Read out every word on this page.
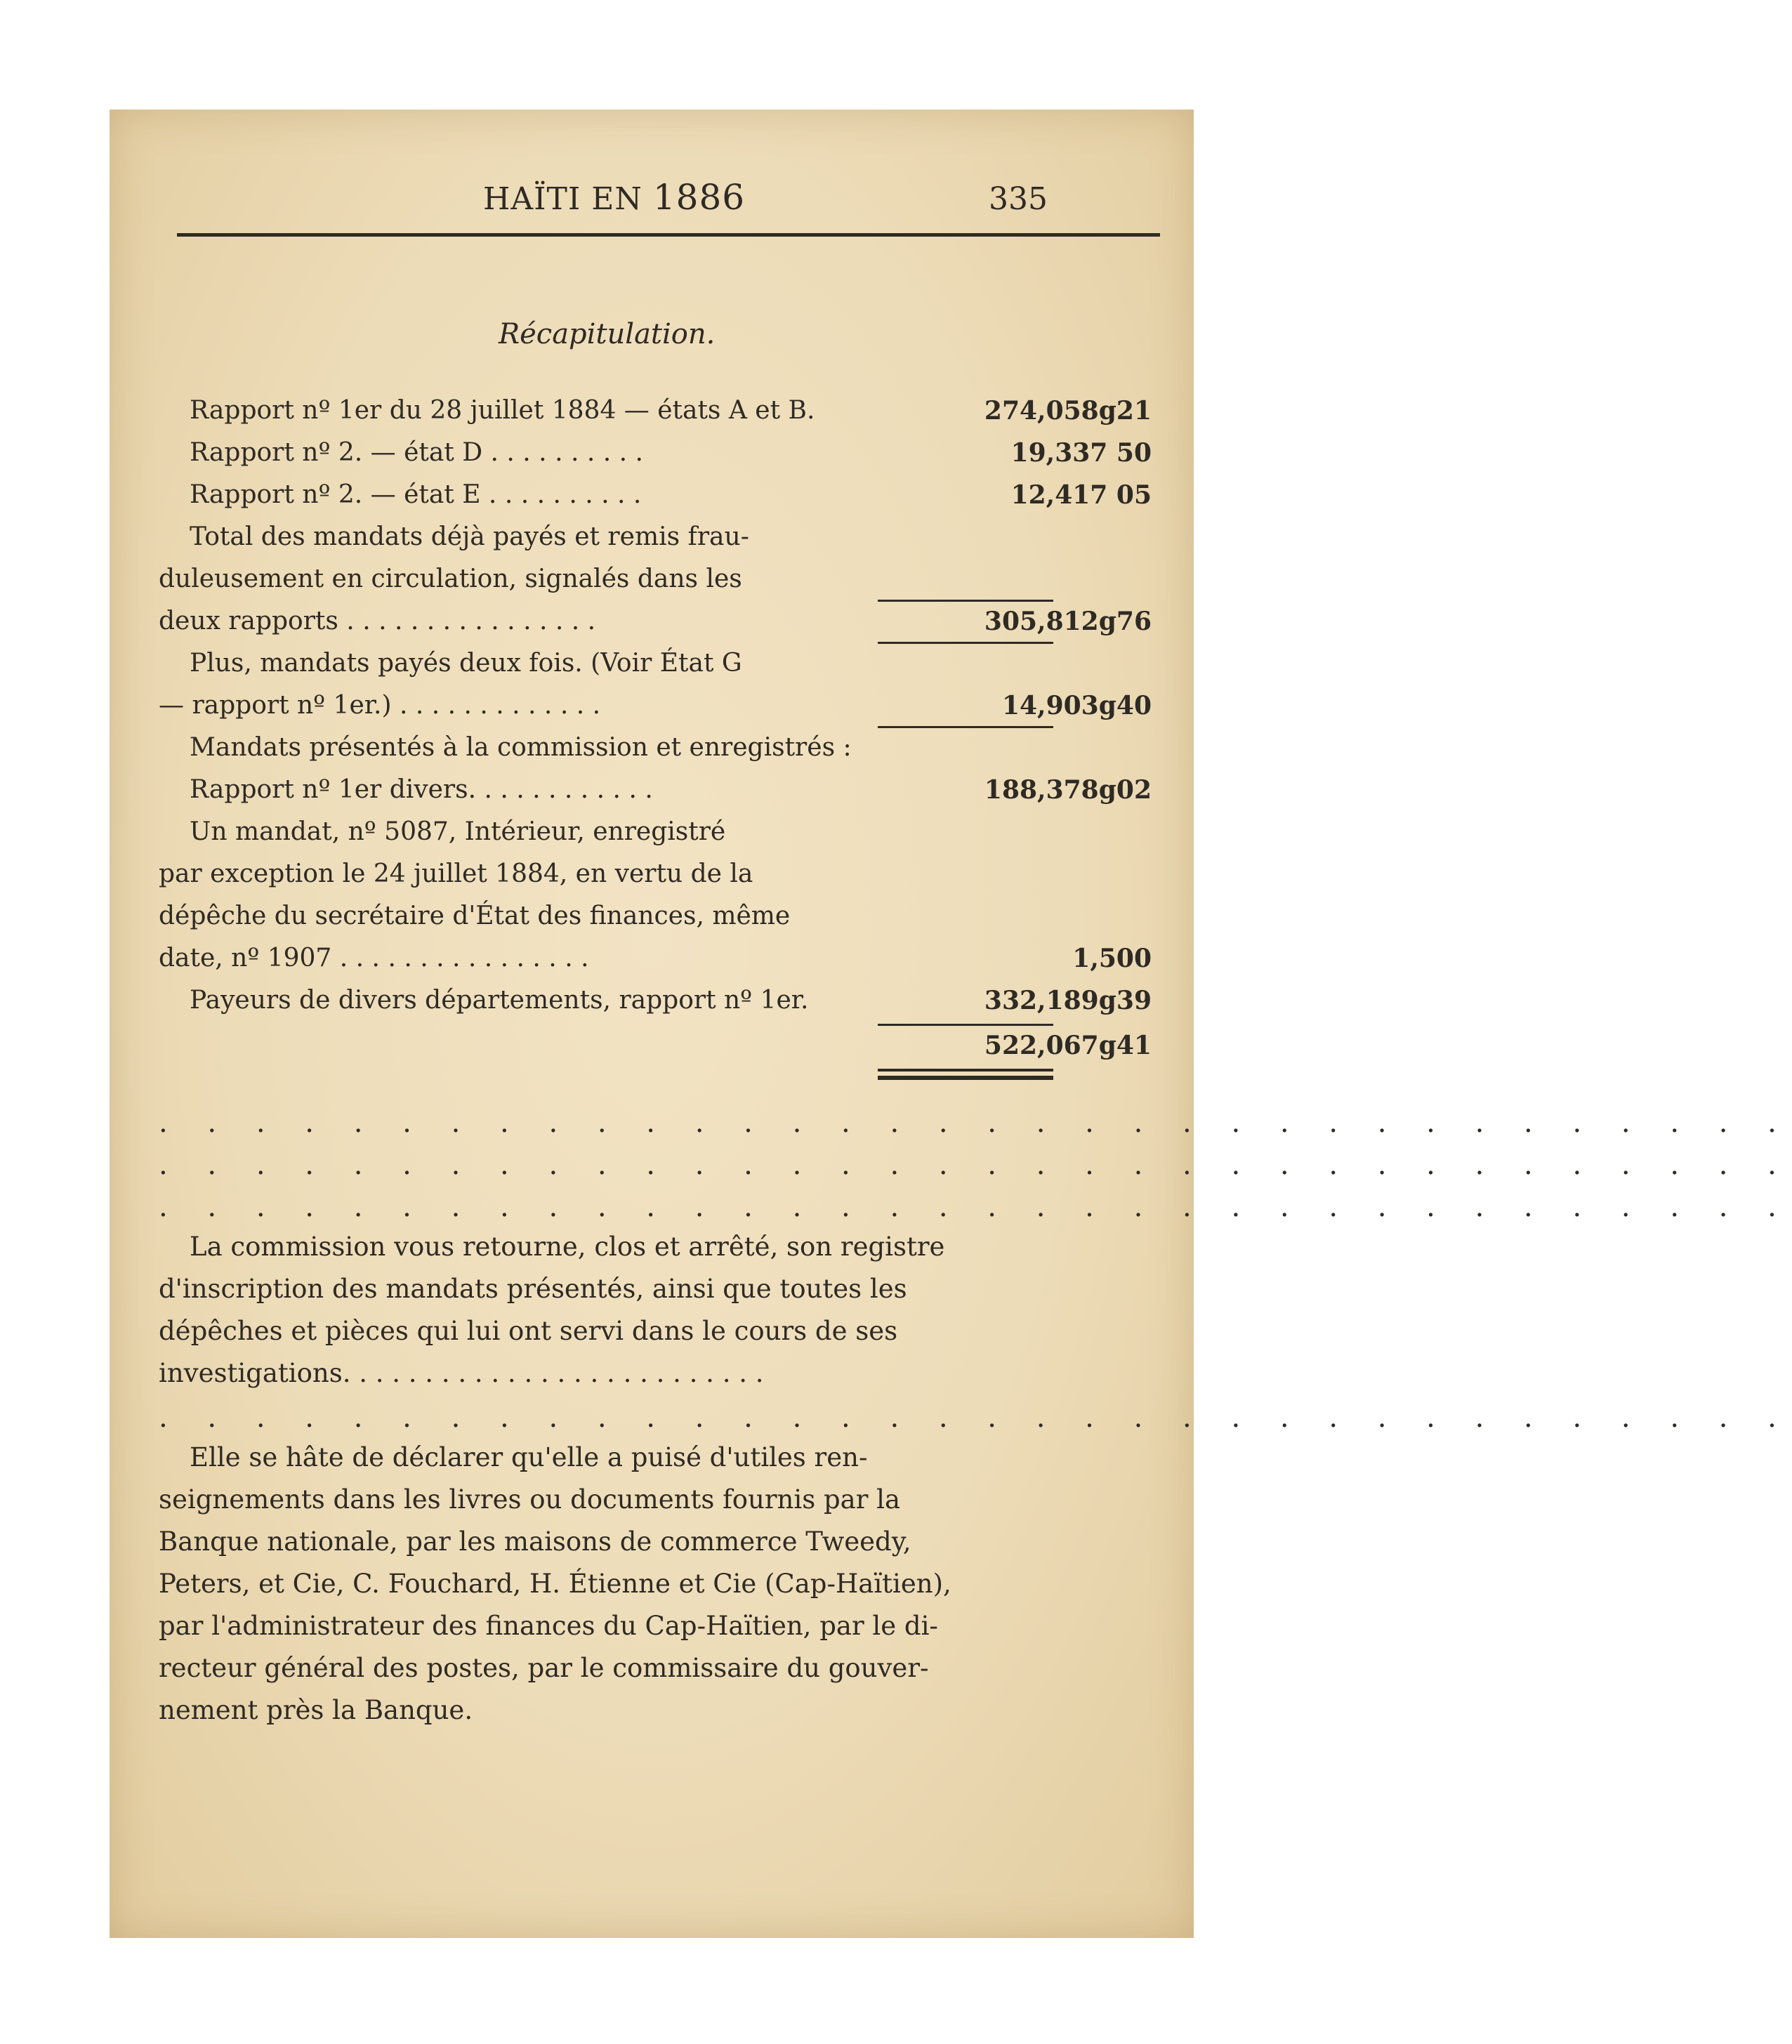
HAÏTI EN 1886	335
Récapitulation.
Rapport nº 1er du 28 juillet 1884 — états A et B.	274,058g21
Rapport nº 2. — état D . . . . . . . . . .	19,337 50
Rapport nº 2. — état E . . . . . . . . . .	12,417 05
Total des mandats déjà payés et remis frau-
duleusement en circulation, signalés dans les
deux rapports . . . . . . . . . . . . . . . .	305,812g76
Plus, mandats payés deux fois. (Voir État G
— rapport nº 1er.) . . . . . . . . . . . . .	14,903g40
Mandats présentés à la commission et enregistrés :
Rapport nº 1er divers. . . . . . . . . . . .	188,378g02
Un mandat, nº 5087, Intérieur, enregistré
par exception le 24 juillet 1884, en vertu de la
dépêche du secrétaire d'État des finances, même
date, nº 1907 . . . . . . . . . . . . . . . .	1,500
Payeurs de divers départements, rapport nº 1er.	332,189g39
522,067g41
. . . . . . . . . . . . . . . . . . . . . . . . . . . . . . . . . .
. . . . . . . . . . . . . . . . . . . . . . . . . . . . . . . . . .
. . . . . . . . . . . . . . . . . . . . . . . . . . . . . . . . . .
La commission vous retourne, clos et arrêté, son registre
d'inscription des mandats présentés, ainsi que toutes les
dépêches et pièces qui lui ont servi dans le cours de ses
investigations. . . . . . . . . . . . . . . . . . . . . . . . . .
. . . . . . . . . . . . . . . . . . . . . . . . . . . . . . . . . .
Elle se hâte de déclarer qu'elle a puisé d'utiles ren-
seignements dans les livres ou documents fournis par la
Banque nationale, par les maisons de commerce Tweedy,
Peters, et Cie, C. Fouchard, H. Étienne et Cie (Cap-Haïtien),
par l'administrateur des finances du Cap-Haïtien, par le di-
recteur général des postes, par le commissaire du gouver-
nement près la Banque.
